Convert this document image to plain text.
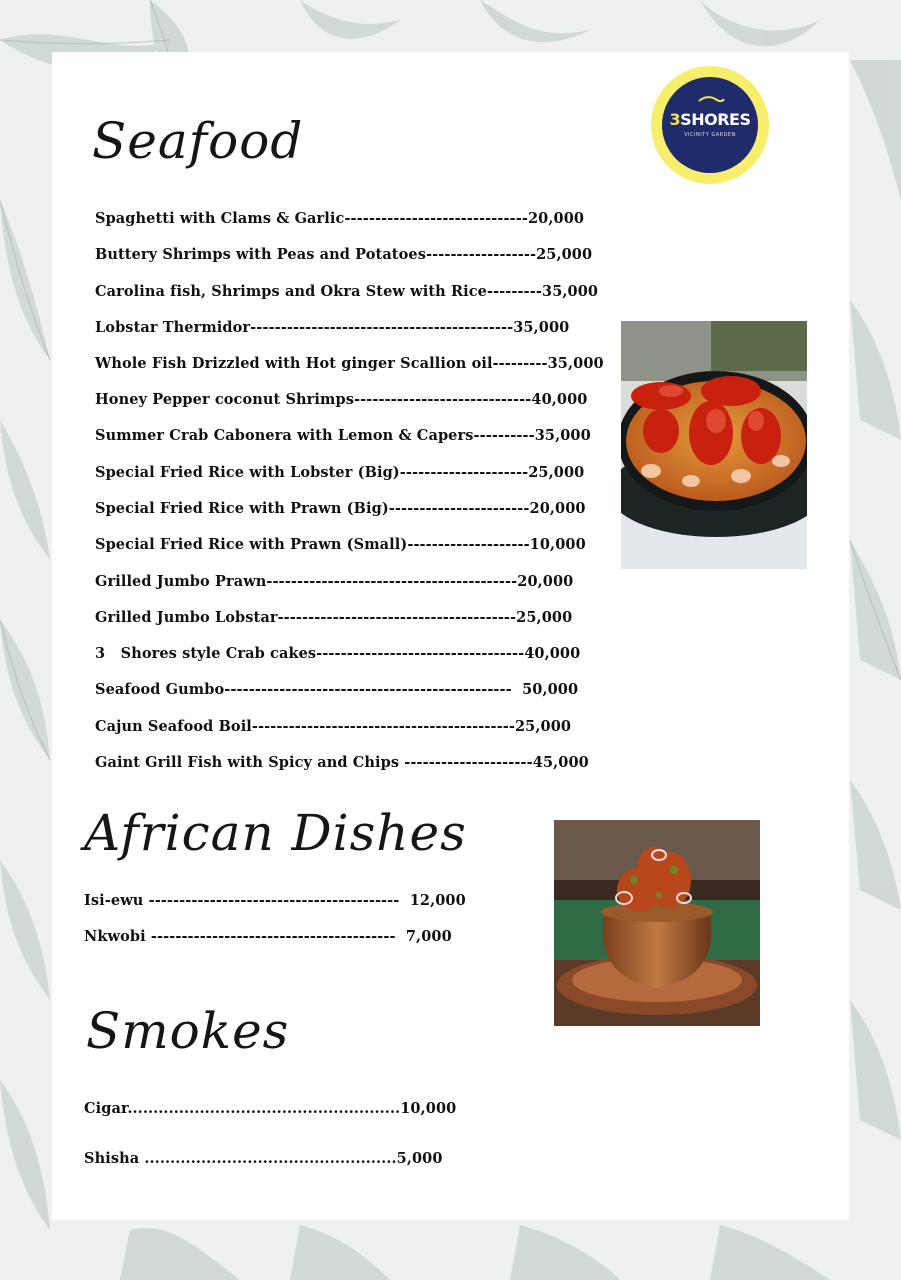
3SHORES
VICINITY GARDEN
Seafood
Spaghetti with Clams & Garlic------------------------------20,000
Buttery Shrimps with Peas and Potatoes------------------25,000
Carolina fish, Shrimps and Okra Stew with Rice---------35,000
Lobstar Thermidor-------------------------------------------35,000
Whole Fish Drizzled with Hot ginger Scallion oil---------35,000
Honey Pepper coconut Shrimps-----------------------------40,000
Summer Crab Cabonera with Lemon & Capers----------35,000
Special Fried Rice with Lobster (Big)---------------------25,000
Special Fried Rice with Prawn (Big)-----------------------20,000
Special Fried Rice with Prawn (Small)--------------------10,000
Grilled Jumbo Prawn-----------------------------------------20,000
Grilled Jumbo Lobstar---------------------------------------25,000
3   Shores style Crab cakes----------------------------------40,000
Seafood Gumbo-----------------------------------------------  50,000
Cajun Seafood Boil-------------------------------------------25,000
Gaint Grill Fish with Spicy and Chips ---------------------45,000
African Dishes
Isi-ewu -----------------------------------------  12,000
Nkwobi ----------------------------------------  7,000
Smokes
Cigar.....................................................10,000
Shisha .................................................5,000
